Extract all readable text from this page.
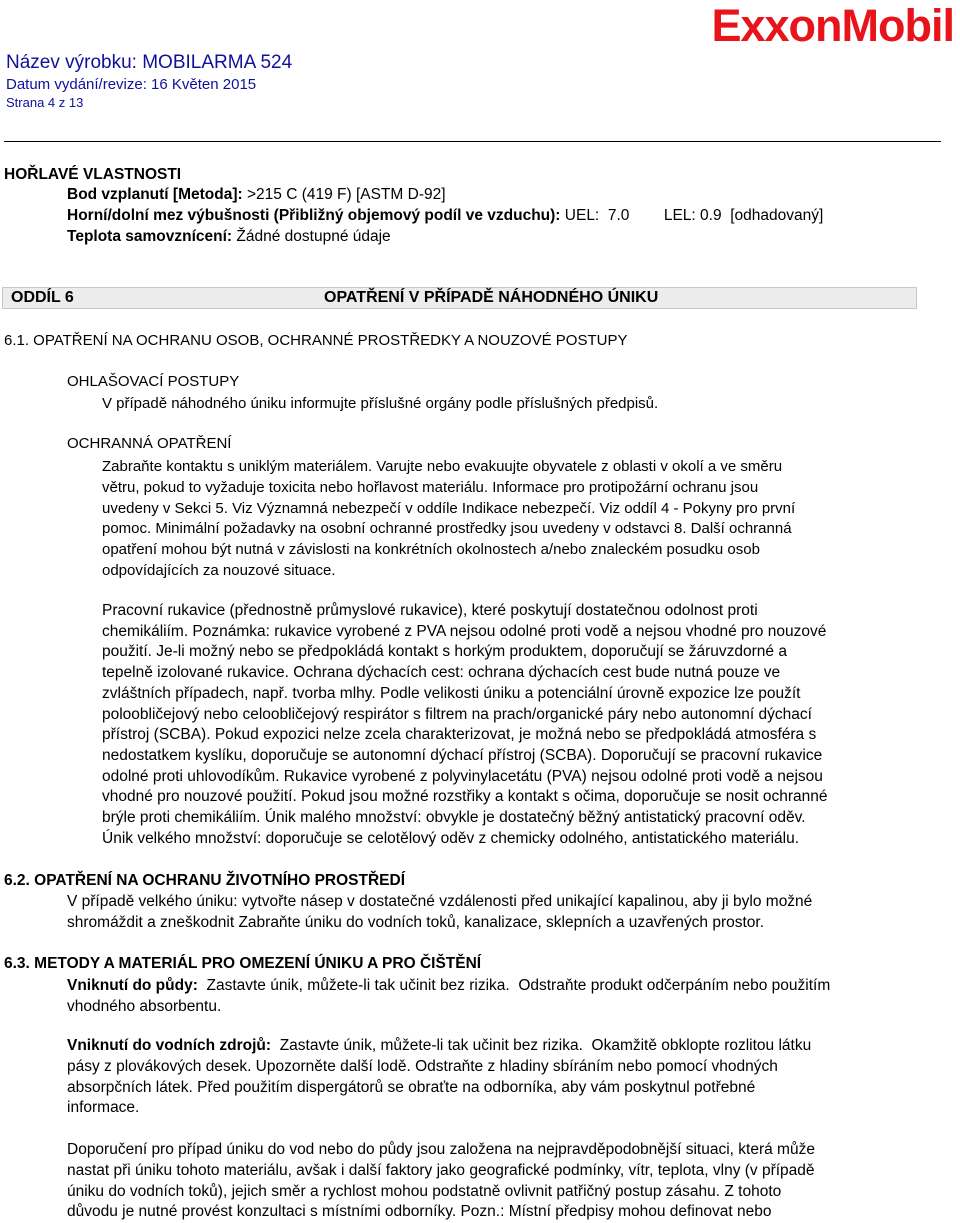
Název výrobku: MOBILARMA 524
Datum vydání/revize: 16 Květen 2015
Strana 4 z 13
ExxonMobil
HOŘLAVÉ VLASTNOSTI
Bod vzplanutí [Metoda]: >215 C (419 F) [ASTM D-92]
Horní/dolní mez výbušnosti (Přibližný objemový podíl ve vzduchu): UEL:  7.0        LEL: 0.9  [odhadovaný]
Teplota samovznícení: Žádné dostupné údaje
ODDÍL 6	OPATŘENÍ V PŘÍPADĚ NÁHODNÉHO ÚNIKU
6.1. OPATŘENÍ NA OCHRANU OSOB, OCHRANNÉ PROSTŘEDKY A NOUZOVÉ POSTUPY
OHLAŠOVACÍ POSTUPY
V případě náhodného úniku informujte příslušné orgány podle příslušných předpisů.
OCHRANNÁ OPATŘENÍ
Zabraňte kontaktu s uniklým materiálem. Varujte nebo evakuujte obyvatele z oblasti v okolí a ve směru
větru, pokud to vyžaduje toxicita nebo hořlavost materiálu. Informace pro protipožární ochranu jsou
uvedeny v Sekci 5. Viz Významná nebezpečí v oddíle Indikace nebezpečí. Viz oddíl 4 - Pokyny pro první
pomoc. Minimální požadavky na osobní ochranné prostředky jsou uvedeny v odstavci 8. Další ochranná
opatření mohou být nutná v závislosti na konkrétních okolnostech a/nebo znaleckém posudku osob
odpovídajících za nouzové situace.
Pracovní rukavice (přednostně průmyslové rukavice), které poskytují dostatečnou odolnost proti
chemikáliím. Poznámka: rukavice vyrobené z PVA nejsou odolné proti vodě a nejsou vhodné pro nouzové
použití. Je-li možný nebo se předpokládá kontakt s horkým produktem, doporučují se žáruvzdorné a
tepelně izolované rukavice. Ochrana dýchacích cest: ochrana dýchacích cest bude nutná pouze ve
zvláštních případech, např. tvorba mlhy. Podle velikosti úniku a potenciální úrovně expozice lze použít
poloobličejový nebo celoobličejový respirátor s filtrem na prach/organické páry nebo autonomní dýchací
přístroj (SCBA). Pokud expozici nelze zcela charakterizovat, je možná nebo se předpokládá atmosféra s
nedostatkem kyslíku, doporučuje se autonomní dýchací přístroj (SCBA). Doporučují se pracovní rukavice
odolné proti uhlovodíkům. Rukavice vyrobené z polyvinylacetátu (PVA) nejsou odolné proti vodě a nejsou
vhodné pro nouzové použití. Pokud jsou možné rozstřiky a kontakt s očima, doporučuje se nosit ochranné
brýle proti chemikáliím. Únik malého množství: obvykle je dostatečný běžný antistatický pracovní oděv.
Únik velkého množství: doporučuje se celotělový oděv z chemicky odolného, antistatického materiálu.
6.2. OPATŘENÍ NA OCHRANU ŽIVOTNÍHO PROSTŘEDÍ
V případě velkého úniku: vytvořte násep v dostatečné vzdálenosti před unikající kapalinou, aby ji bylo možné
shromáždit a zneškodnit Zabraňte úniku do vodních toků, kanalizace, sklepních a uzavřených prostor.
6.3. METODY A MATERIÁL PRO OMEZENÍ ÚNIKU A PRO ČIŠTĚNÍ
Vniknutí do půdy:  Zastavte únik, můžete-li tak učinit bez rizika.  Odstraňte produkt odčerpáním nebo použitím
vhodného absorbentu.
Vniknutí do vodních zdrojů:  Zastavte únik, můžete-li tak učinit bez rizika.  Okamžitě obklopte rozlitou látku
pásy z plovákových desek. Upozorněte další lodě. Odstraňte z hladiny sbíráním nebo pomocí vhodných
absorpčních látek. Před použitím dispergátorů se obraťte na odborníka, aby vám poskytnul potřebné
informace.
Doporučení pro případ úniku do vod nebo do půdy jsou založena na nejpravděpodobnější situaci, která může
nastat při úniku tohoto materiálu, avšak i další faktory jako geografické podmínky, vítr, teplota, vlny (v případě
úniku do vodních toků), jejich směr a rychlost mohou podstatně ovlivnit patřičný postup zásahu. Z tohoto
důvodu je nutné provést konzultaci s místními odborníky. Pozn.: Místní předpisy mohou definovat nebo
